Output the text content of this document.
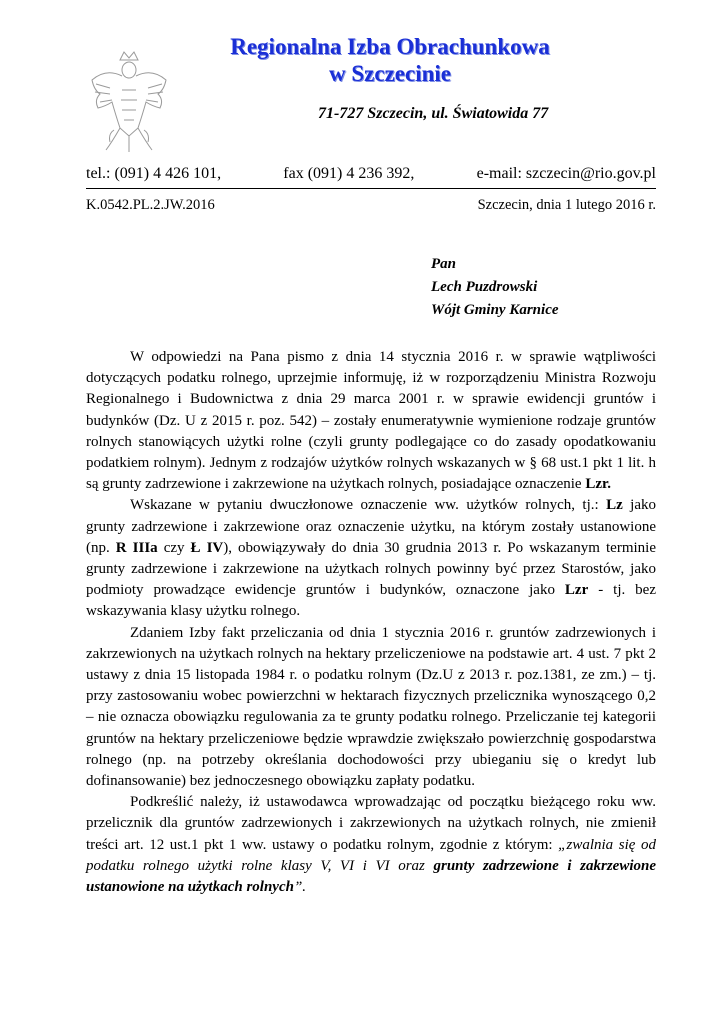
Regionalna Izba Obrachunkowa
w Szczecinie
71-727 Szczecin, ul. Światowida 77
tel.: (091) 4 426 101,	fax (091) 4 236 392,	e-mail: szczecin@rio.gov.pl
K.0542.PL.2.JW.2016	Szczecin, dnia 1 lutego 2016 r.
Pan
Lech Puzdrowski
Wójt Gminy Karnice

W odpowiedzi na Pana pismo z dnia 14 stycznia 2016 r. w sprawie wątpliwości dotyczących podatku rolnego, uprzejmie informuję, iż w rozporządzeniu Ministra Rozwoju Regionalnego i Budownictwa z dnia 29 marca 2001 r. w sprawie ewidencji gruntów i budynków (Dz. U z 2015 r. poz. 542) – zostały enumeratywnie wymienione rodzaje gruntów rolnych stanowiących użytki rolne (czyli grunty podlegające co do zasady opodatkowaniu podatkiem rolnym). Jednym z rodzajów użytków rolnych wskazanych w § 68 ust.1 pkt 1 lit. h są grunty zadrzewione i zakrzewione na użytkach rolnych, posiadające oznaczenie Lzr.

Wskazane w pytaniu dwuczłonowe oznaczenie ww. użytków rolnych, tj.: Lz jako grunty zadrzewione i zakrzewione oraz oznaczenie użytku, na którym zostały ustanowione (np. R IIIa czy Ł IV), obowiązywały do dnia 30 grudnia 2013 r. Po wskazanym terminie grunty zadrzewione i zakrzewione na użytkach rolnych powinny być przez Starostów, jako podmioty prowadzące ewidencje gruntów i budynków, oznaczone jako Lzr - tj. bez wskazywania klasy użytku rolnego.

Zdaniem Izby fakt przeliczania od dnia 1 stycznia 2016 r. gruntów zadrzewionych i zakrzewionych na użytkach rolnych na hektary przeliczeniowe na podstawie art. 4 ust. 7 pkt 2 ustawy z dnia 15 listopada 1984 r. o podatku rolnym (Dz.U z 2013 r. poz.1381, ze zm.) – tj. przy zastosowaniu wobec powierzchni w hektarach fizycznych przelicznika wynoszącego 0,2 – nie oznacza obowiązku regulowania za te grunty podatku rolnego. Przeliczanie tej kategorii gruntów na hektary przeliczeniowe będzie wprawdzie zwiększało powierzchnię gospodarstwa rolnego (np. na potrzeby określania dochodowości przy ubieganiu się o kredyt lub dofinansowanie) bez jednoczesnego obowiązku zapłaty podatku.

Podkreślić należy, iż ustawodawca wprowadzając od początku bieżącego roku ww. przelicznik dla gruntów zadrzewionych i zakrzewionych na użytkach rolnych, nie zmienił treści art. 12 ust.1 pkt 1 ww. ustawy o podatku rolnym, zgodnie z którym: „zwalnia się od podatku rolnego użytki rolne klasy V, VI i VI oraz grunty zadrzewione i zakrzewione ustanowione na użytkach rolnych”.
